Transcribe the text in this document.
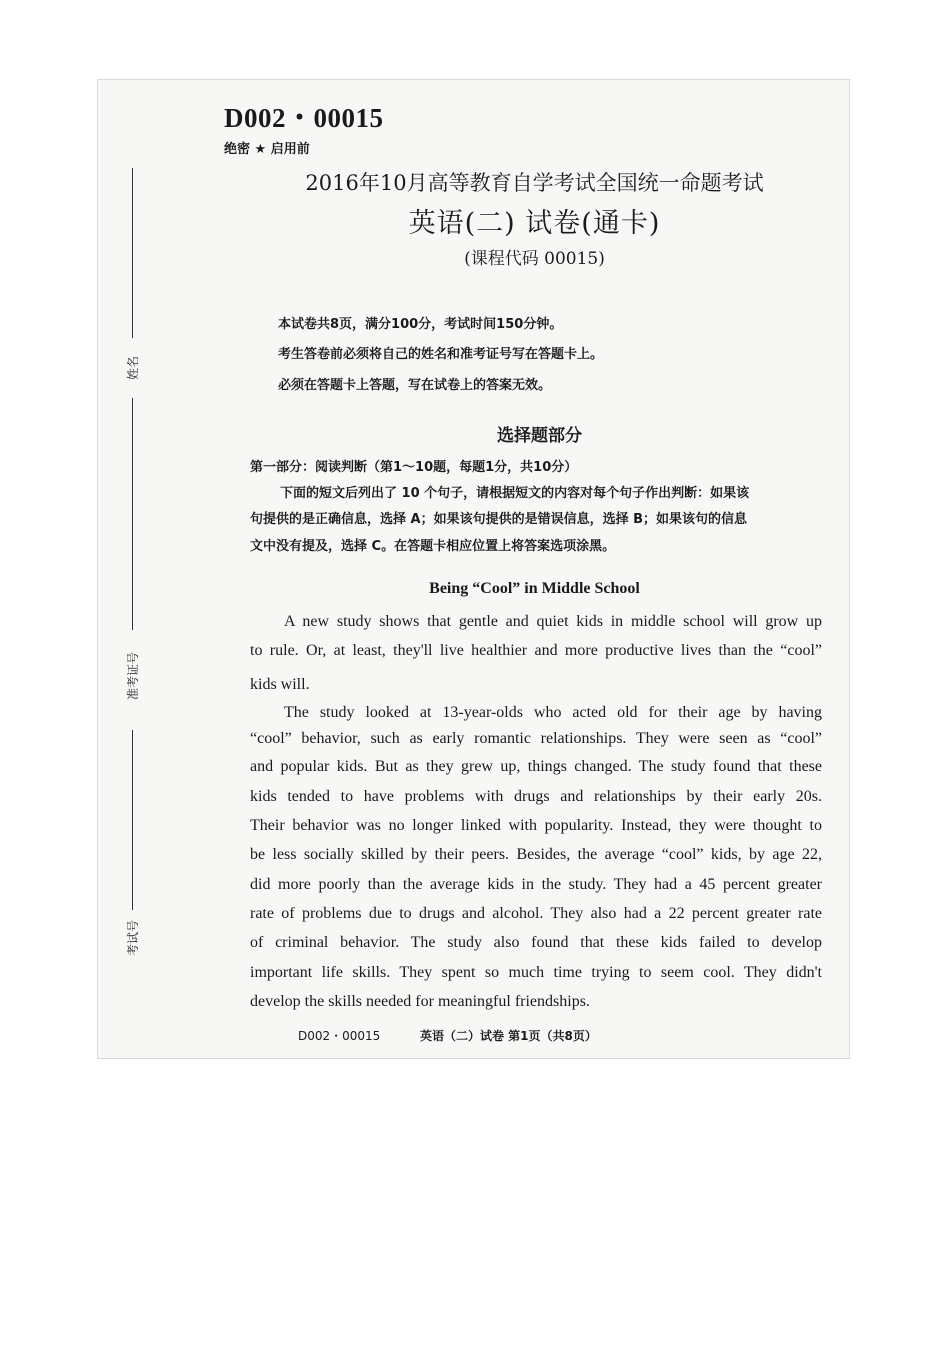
姓名
准考证号
考试号
D002・00015
绝密 ★ 启用前
2016年10月高等教育自学考试全国统一命题考试
英语(二) 试卷(通卡)
(课程代码 00015)
本试卷共8页，满分100分，考试时间150分钟。
考生答卷前必须将自己的姓名和准考证号写在答题卡上。
必须在答题卡上答题，写在试卷上的答案无效。
选择题部分
第一部分：阅读判断（第1～10题，每题1分，共10分）
下面的短文后列出了 10 个句子，请根据短文的内容对每个句子作出判断：如果该
句提供的是正确信息，选择 A；如果该句提供的是错误信息，选择 B；如果该句的信息
文中没有提及，选择 C。在答题卡相应位置上将答案选项涂黑。
Being “Cool” in Middle School
A new study shows that gentle and quiet kids in middle school will grow up
to rule. Or, at least, they'll live healthier and more productive lives than the “cool”
kids will.
The study looked at 13-year-olds who acted old for their age by having
“cool” behavior, such as early romantic relationships. They were seen as “cool”
and popular kids. But as they grew up, things changed. The study found that these
kids tended to have problems with drugs and relationships by their early 20s.
Their behavior was no longer linked with popularity. Instead, they were thought to
be less socially skilled by their peers. Besides, the average “cool” kids, by age 22,
did more poorly than the average kids in the study. They had a 45 percent greater
rate of problems due to drugs and alcohol. They also had a 22 percent greater rate
of criminal behavior. The study also found that these kids failed to develop
important life skills. They spent so much time trying to seem cool. They didn't
develop the skills needed for meaningful friendships.
D002・00015	英语（二）试卷 第1页（共8页）
